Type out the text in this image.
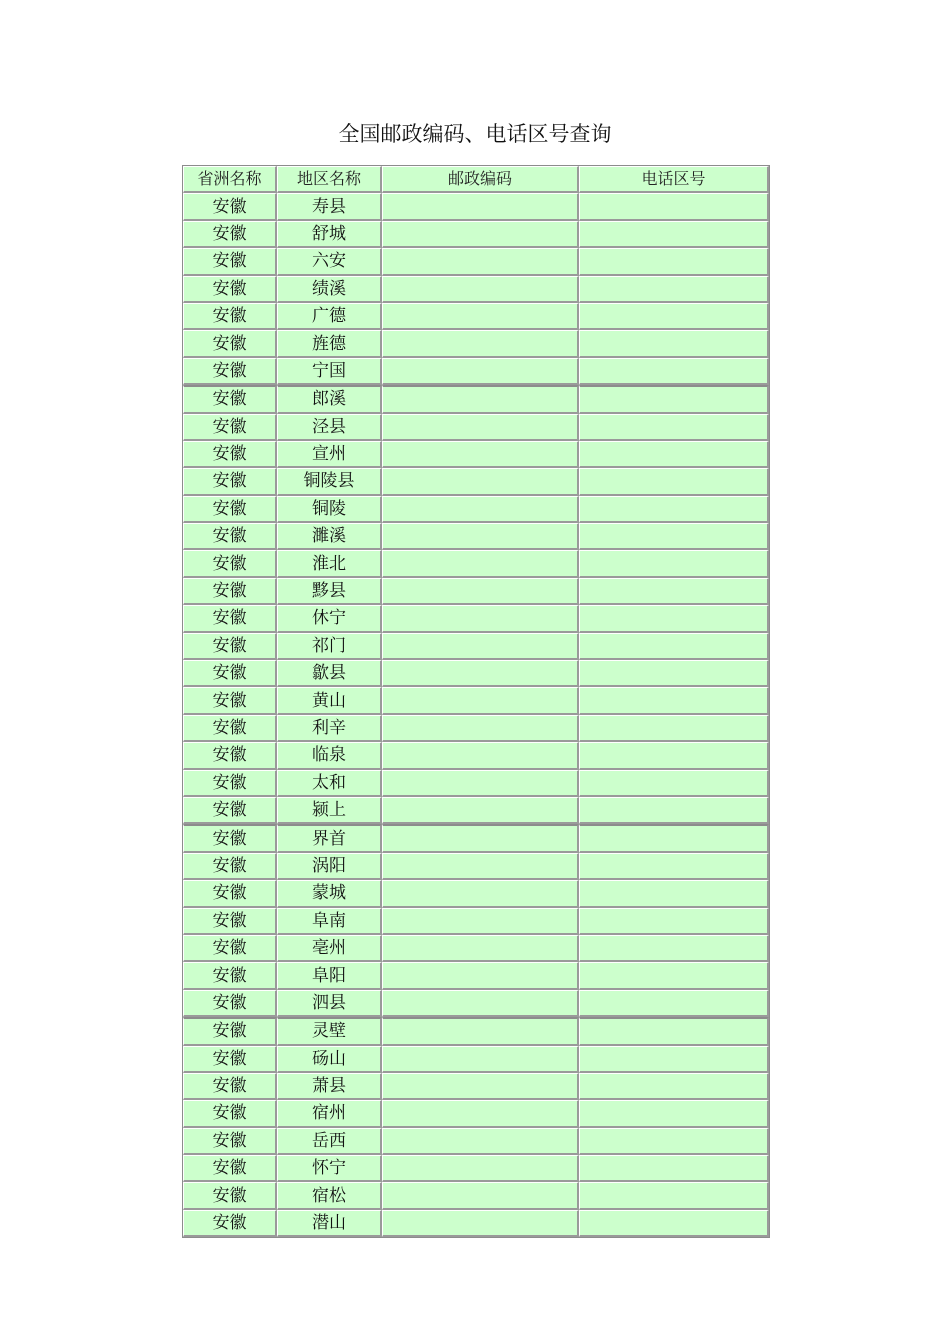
全国邮政编码、电话区号查询
省洲名称	地区名称	邮政编码	电话区号
安徽	寿县		
安徽	舒城		
安徽	六安		
安徽	绩溪		
安徽	广德		
安徽	旌德		
安徽	宁国		
安徽	郎溪		
安徽	泾县		
安徽	宣州		
安徽	铜陵县		
安徽	铜陵		
安徽	濉溪		
安徽	淮北		
安徽	黟县		
安徽	休宁		
安徽	祁门		
安徽	歙县		
安徽	黄山		
安徽	利辛		
安徽	临泉		
安徽	太和		
安徽	颍上		
安徽	界首		
安徽	涡阳		
安徽	蒙城		
安徽	阜南		
安徽	亳州		
安徽	阜阳		
安徽	泗县		
安徽	灵壁		
安徽	砀山		
安徽	萧县		
安徽	宿州		
安徽	岳西		
安徽	怀宁		
安徽	宿松		
安徽	潜山		
